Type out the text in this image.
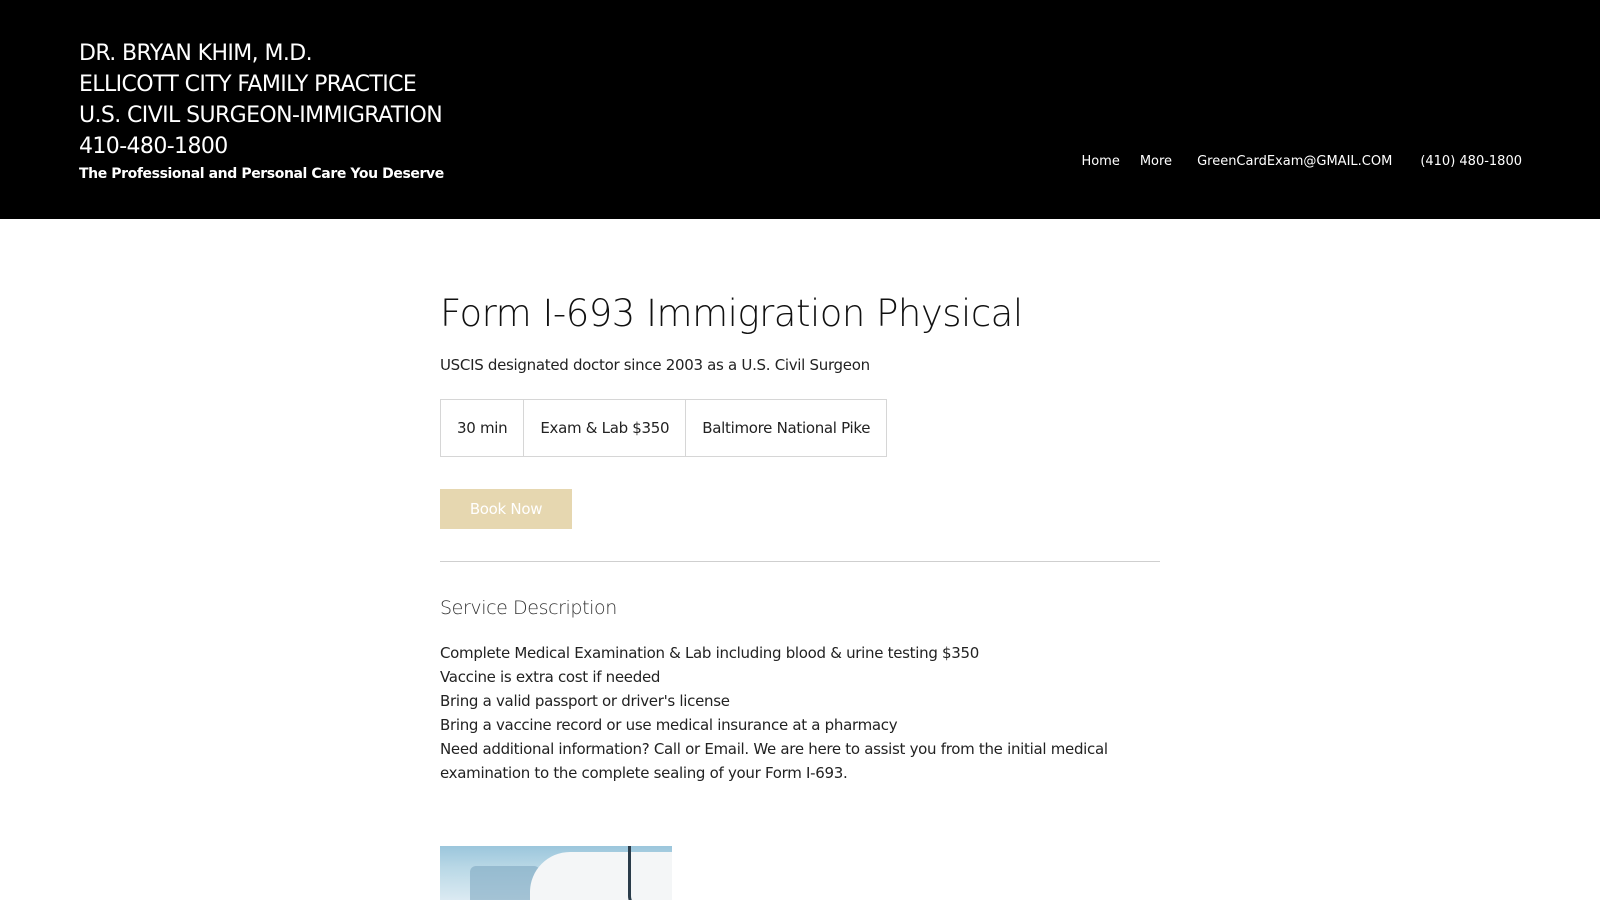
DR. BRYAN KHIM, M.D.
ELLICOTT CITY FAMILY PRACTICE
U.S. CIVIL SURGEON-IMMIGRATION
410-480-1800
The Professional and Personal Care You Deserve
Home More GreenCardExam@GMAIL.COM (410) 480-1800
Form I-693 Immigration Physical

USCIS designated doctor since 2003 as a U.S. Civil Surgeon

30 min	Exam & Lab $350	Baltimore National Pike
Book Now
Service Description

Complete Medical Examination & Lab including blood & urine testing $350

Vaccine is extra cost if needed

Bring a valid passport or driver's license

Bring a vaccine record or use medical insurance at a pharmacy

Need additional information? Call or Email. We are here to assist you from the initial medical

examination to the complete sealing of your Form I-693.
